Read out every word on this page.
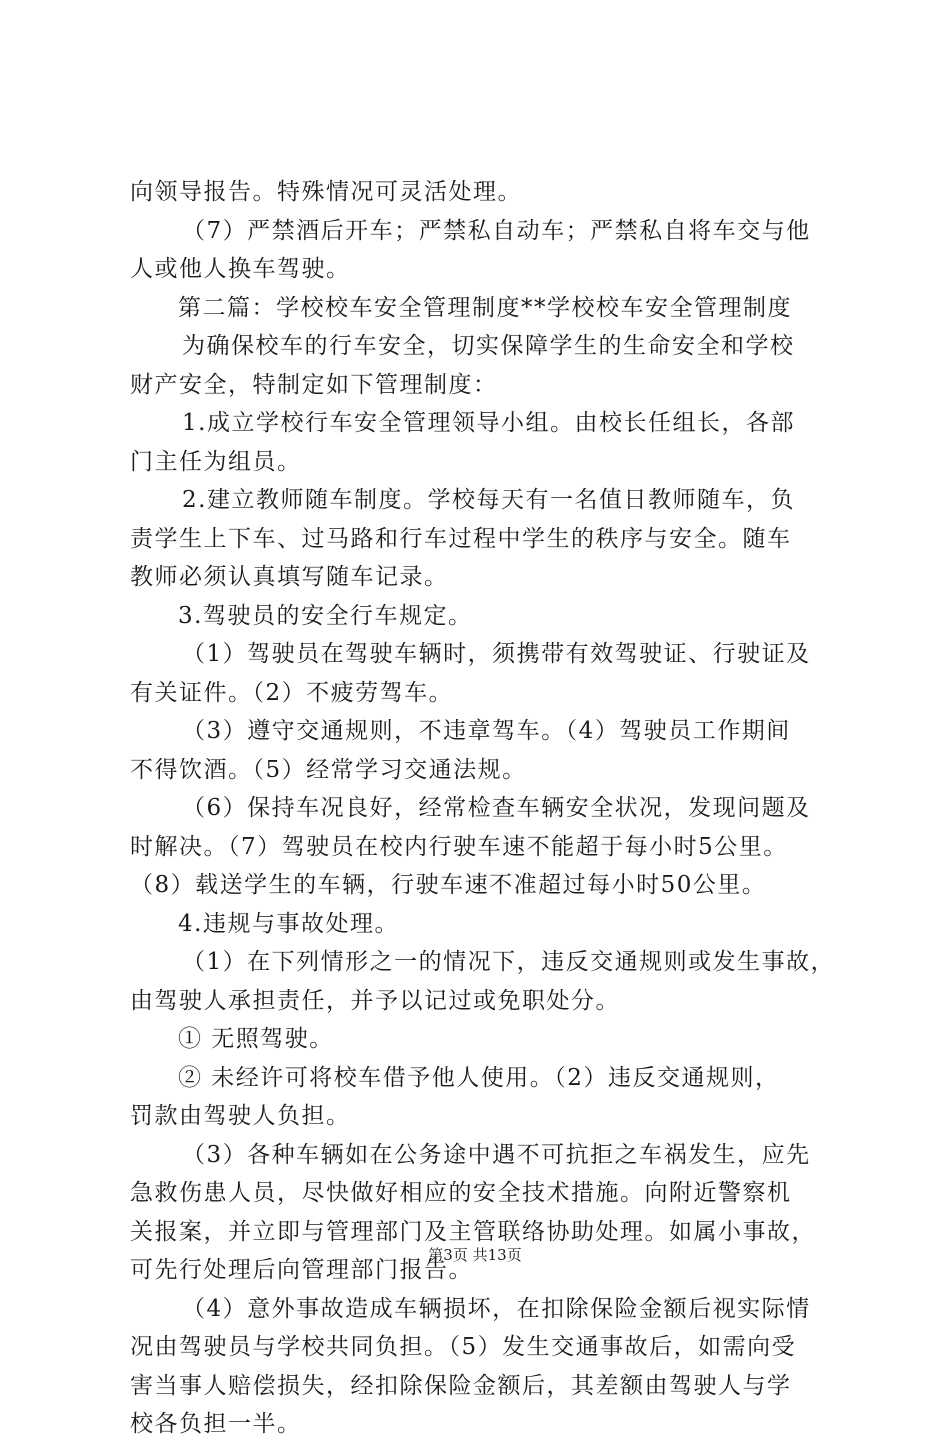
向领导报告。特殊情况可灵活处理。
（7）严禁酒后开车；严禁私自动车；严禁私自将车交与他
人或他人换车驾驶。
第二篇：学校校车安全管理制度**学校校车安全管理制度
为确保校车的行车安全，切实保障学生的生命安全和学校
财产安全，特制定如下管理制度：
1.成立学校行车安全管理领导小组。由校长任组长，各部
门主任为组员。
2.建立教师随车制度。学校每天有一名值日教师随车，负
责学生上下车、过马路和行车过程中学生的秩序与安全。随车
教师必须认真填写随车记录。
3.驾驶员的安全行车规定。
（1）驾驶员在驾驶车辆时，须携带有效驾驶证、行驶证及
有关证件。（2）不疲劳驾车。
（3）遵守交通规则，不违章驾车。（4）驾驶员工作期间
不得饮酒。（5）经常学习交通法规。
（6）保持车况良好，经常检查车辆安全状况，发现问题及
时解决。（7）驾驶员在校内行驶车速不能超于每小时5公里。
（8）载送学生的车辆，行驶车速不准超过每小时50公里。
4.违规与事故处理。
（1）在下列情形之一的情况下，违反交通规则或发生事故，
由驾驶人承担责任，并予以记过或免职处分。
① 无照驾驶。
② 未经许可将校车借予他人使用。（2）违反交通规则，
罚款由驾驶人负担。
（3）各种车辆如在公务途中遇不可抗拒之车祸发生，应先
急救伤患人员，尽快做好相应的安全技术措施。向附近警察机
关报案，并立即与管理部门及主管联络协助处理。如属小事故，
可先行处理后向管理部门报告。
（4）意外事故造成车辆损坏，在扣除保险金额后视实际情
况由驾驶员与学校共同负担。（5）发生交通事故后，如需向受
害当事人赔偿损失，经扣除保险金额后，其差额由驾驶人与学
校各负担一半。
第3页 共13页
